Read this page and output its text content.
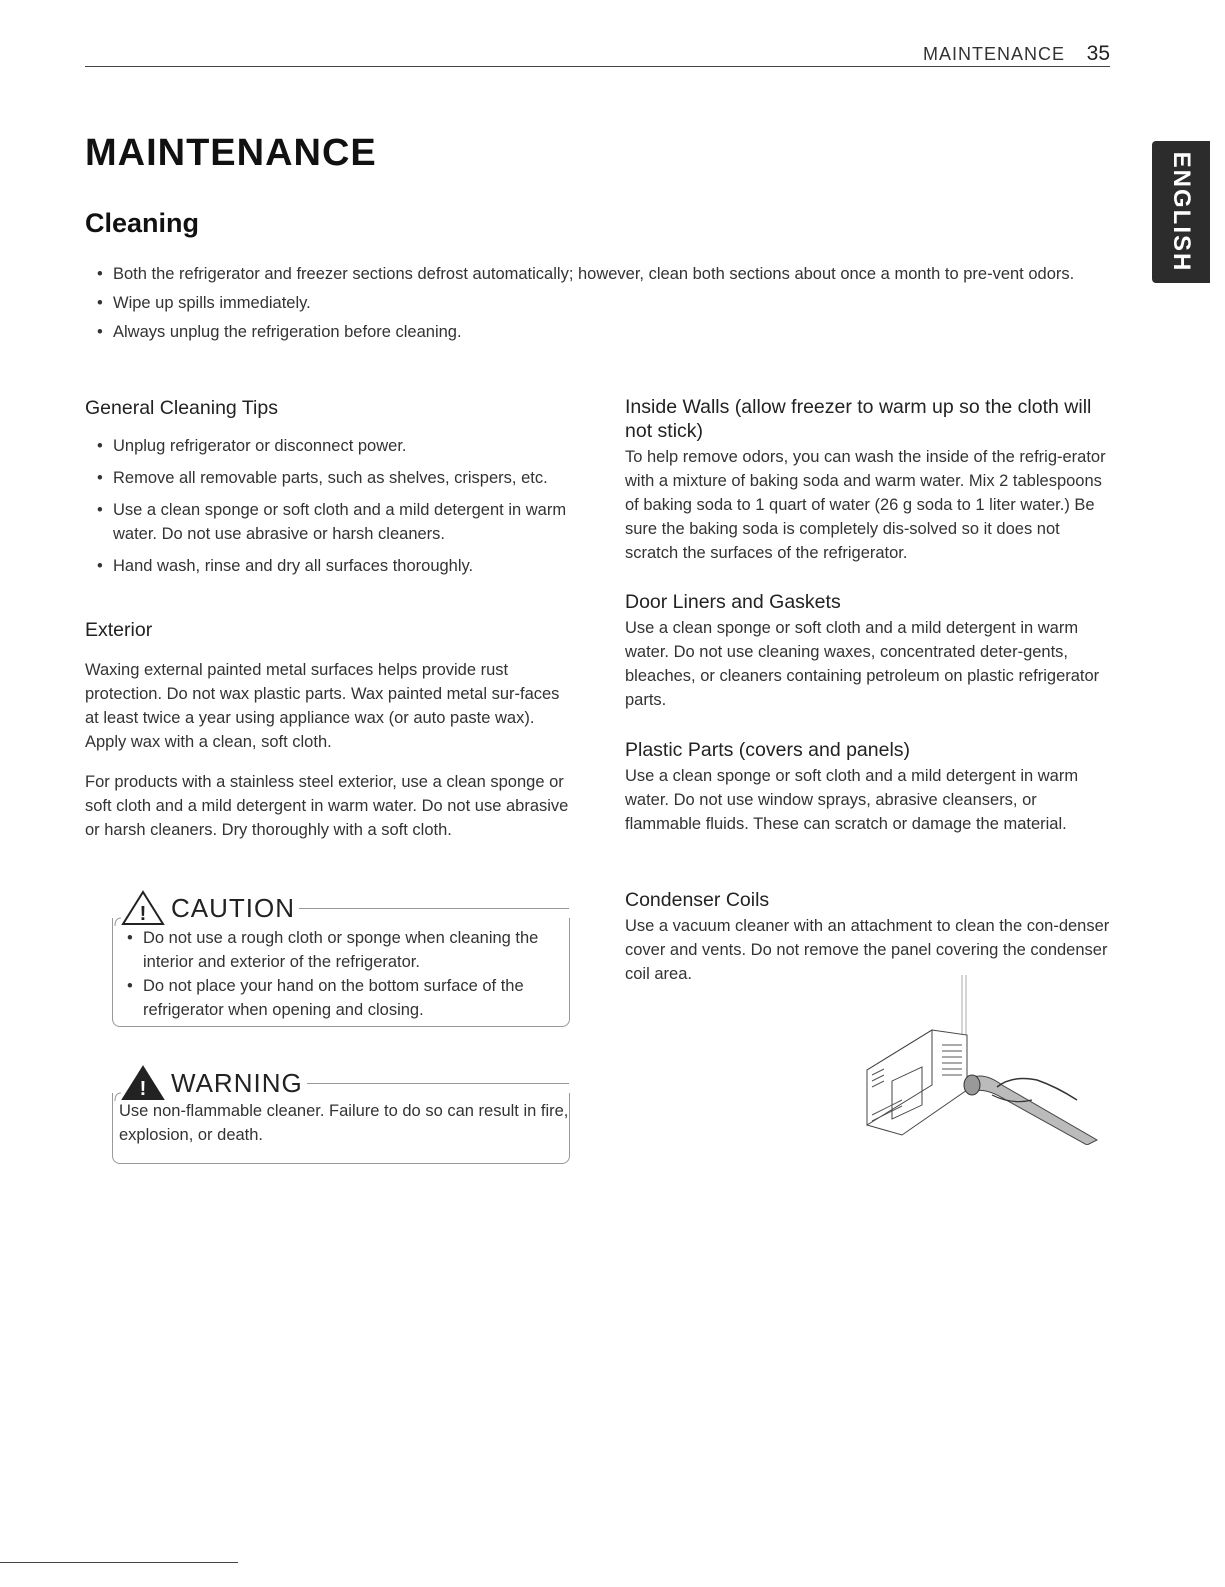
MAINTENANCE 35
ENGLISH
MAINTENANCE
Cleaning
• Both the refrigerator and freezer sections defrost automatically; however, clean both sections about once a month to pre-vent odors.
• Wipe up spills immediately.
• Always unplug the refrigeration before cleaning.
General Cleaning Tips
• Unplug refrigerator or disconnect power.
• Remove all removable parts, such as shelves, crispers, etc.
• Use a clean sponge or soft cloth and a mild detergent in warm water. Do not use abrasive or harsh cleaners.
• Hand wash, rinse and dry all surfaces thoroughly.
Exterior

Waxing external painted metal surfaces helps provide rust protection. Do not wax plastic parts. Wax painted metal sur-faces at least twice a year using appliance wax (or auto paste wax). Apply wax with a clean, soft cloth.

For products with a stainless steel exterior, use a clean sponge or soft cloth and a mild detergent in warm water. Do not use abrasive or harsh cleaners. Dry thoroughly with a soft cloth.

! CAUTION
• Do not use a rough cloth or sponge when cleaning the interior and exterior of the refrigerator.
• Do not place your hand on the bottom surface of the refrigerator when opening and closing.
! WARNING

Use non-flammable cleaner. Failure to do so can result in fire, explosion, or death.

Inside Walls (allow freezer to warm up so the cloth will not stick)

To help remove odors, you can wash the inside of the refrig-erator with a mixture of baking soda and warm water. Mix 2 tablespoons of baking soda to 1 quart of water (26 g soda to 1 liter water.) Be sure the baking soda is completely dis-solved so it does not scratch the surfaces of the refrigerator.

Door Liners and Gaskets

Use a clean sponge or soft cloth and a mild detergent in warm water. Do not use cleaning waxes, concentrated deter-gents, bleaches, or cleaners containing petroleum on plastic refrigerator parts.

Plastic Parts (covers and panels)

Use a clean sponge or soft cloth and a mild detergent in warm water. Do not use window sprays, abrasive cleansers, or flammable fluids. These can scratch or damage the material.

Condenser Coils

Use a vacuum cleaner with an attachment to clean the con-denser cover and vents. Do not remove the panel covering the condenser coil area.
